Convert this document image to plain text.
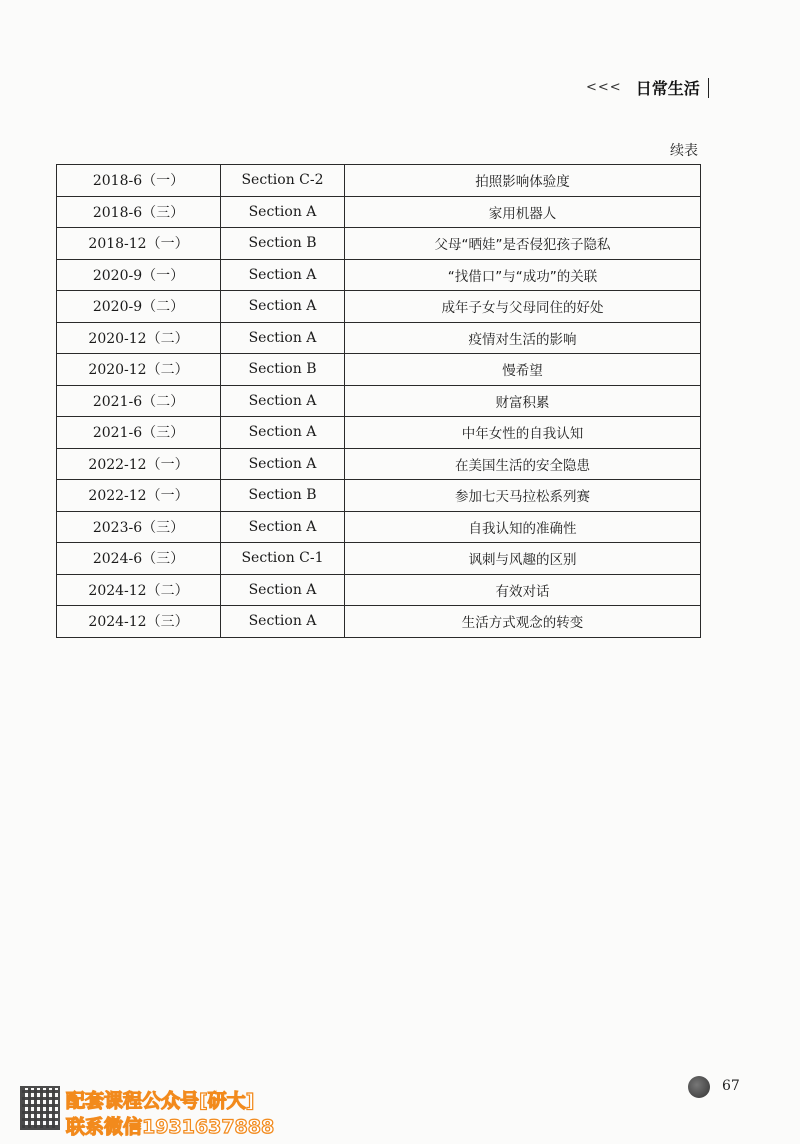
<<< 日常生活
续表
2018-6（一）	Section C-2	拍照影响体验度
2018-6（三）	Section A	家用机器人
2018-12（一）	Section B	父母“晒娃”是否侵犯孩子隐私
2020-9（一）	Section A	“找借口”与“成功”的关联
2020-9（二）	Section A	成年子女与父母同住的好处
2020-12（二）	Section A	疫情对生活的影响
2020-12（二）	Section B	慢希望
2021-6（二）	Section A	财富积累
2021-6（三）	Section A	中年女性的自我认知
2022-12（一）	Section A	在美国生活的安全隐患
2022-12（一）	Section B	参加七天马拉松系列赛
2023-6（三）	Section A	自我认知的准确性
2024-6（三）	Section C-1	讽刺与风趣的区别
2024-12（二）	Section A	有效对话
2024-12（三）	Section A	生活方式观念的转变
67
配套课程公众号[研大]
联系微信1931637888
